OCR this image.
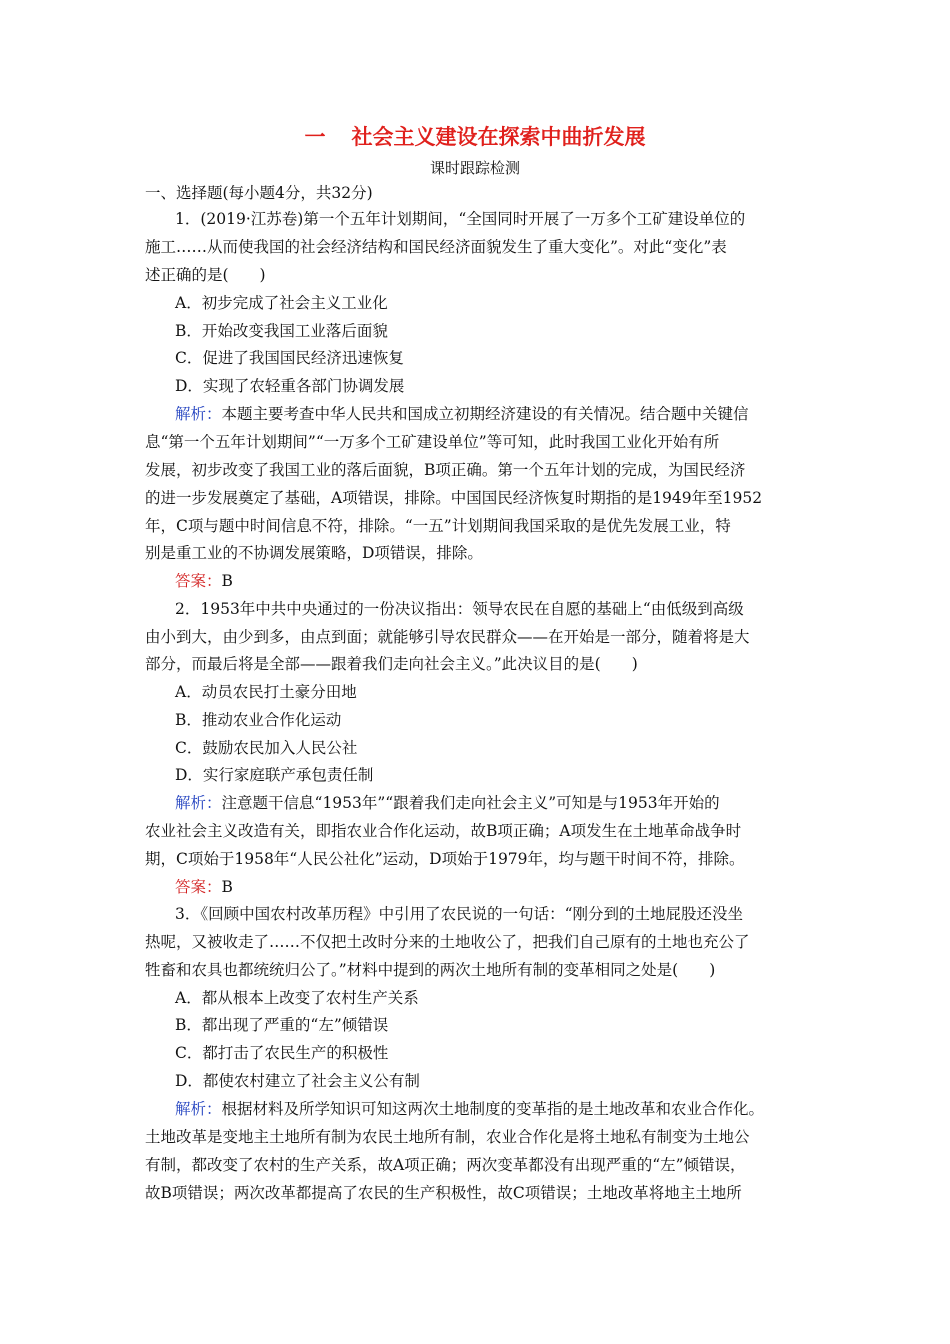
一 社会主义建设在探索中曲折发展
课时跟踪检测
一、选择题(每小题4分，共32分)
1．(2019·江苏卷)第一个五年计划期间，“全国同时开展了一万多个工矿建设单位的
施工……从而使我国的社会经济结构和国民经济面貌发生了重大变化”。对此“变化”表
述正确的是(　　)
A．初步完成了社会主义工业化
B．开始改变我国工业落后面貌
C．促进了我国国民经济迅速恢复
D．实现了农轻重各部门协调发展
解析：本题主要考查中华人民共和国成立初期经济建设的有关情况。结合题中关键信
息“第一个五年计划期间”“一万多个工矿建设单位”等可知，此时我国工业化开始有所
发展，初步改变了我国工业的落后面貌，B项正确。第一个五年计划的完成，为国民经济
的进一步发展奠定了基础，A项错误，排除。中国国民经济恢复时期指的是1949年至1952
年，C项与题中时间信息不符，排除。“一五”计划期间我国采取的是优先发展工业，特
别是重工业的不协调发展策略，D项错误，排除。
答案：B
2．1953年中共中央通过的一份决议指出：领导农民在自愿的基础上“由低级到高级
由小到大，由少到多，由点到面；就能够引导农民群众——在开始是一部分，随着将是大
部分，而最后将是全部——跟着我们走向社会主义。”此决议目的是(　　)
A．动员农民打土豪分田地
B．推动农业合作化运动
C．鼓励农民加入人民公社
D．实行家庭联产承包责任制
解析：注意题干信息“1953年”“跟着我们走向社会主义”可知是与1953年开始的
农业社会主义改造有关，即指农业合作化运动，故B项正确；A项发生在土地革命战争时
期，C项始于1958年“人民公社化”运动，D项始于1979年，均与题干时间不符，排除。
答案：B
3．《回顾中国农村改革历程》中引用了农民说的一句话：“刚分到的土地屁股还没坐
热呢，又被收走了……不仅把土改时分来的土地收公了，把我们自己原有的土地也充公了
牲畜和农具也都统统归公了。”材料中提到的两次土地所有制的变革相同之处是(　　)
A．都从根本上改变了农村生产关系
B．都出现了严重的“左”倾错误
C．都打击了农民生产的积极性
D．都使农村建立了社会主义公有制
解析：根据材料及所学知识可知这两次土地制度的变革指的是土地改革和农业合作化。
土地改革是变地主土地所有制为农民土地所有制，农业合作化是将土地私有制变为土地公
有制，都改变了农村的生产关系，故A项正确；两次变革都没有出现严重的“左”倾错误，
故B项错误；两次改革都提高了农民的生产积极性，故C项错误；土地改革将地主土地所
